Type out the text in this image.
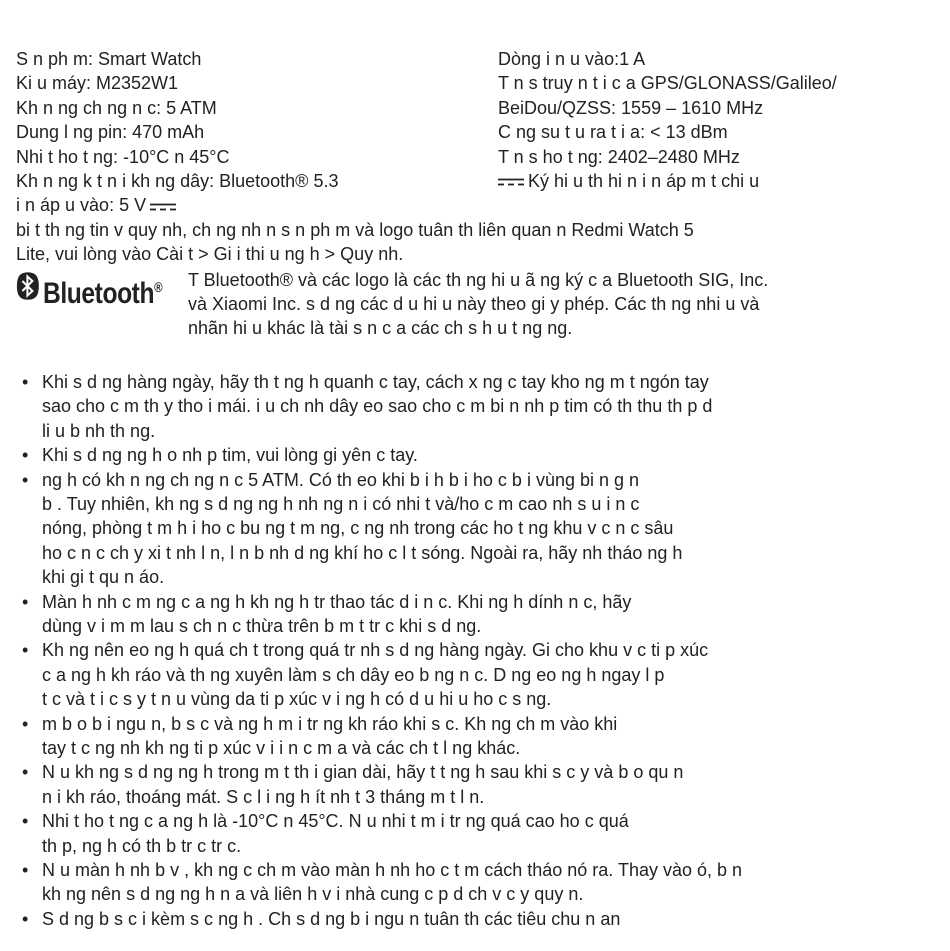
S n ph m: Smart Watch
Ki u máy: M2352W1
Kh n ng ch ng n c: 5 ATM
Dung l ng pin: 470 mAh
Nhi t ho t ng: -10°C n 45°C
Kh n ng k t n i kh ng dây: Bluetooth® 5.3
i n áp u vào: 5 V
Dòng i n u vào:1 A
T n s truy n t i c a GPS/GLONASS/Galileo/
BeiDou/QZSS: 1559 – 1610 MHz
C ng su t u ra t i a: < 13 dBm
T n s ho t ng: 2402–2480 MHz
Ký hi u th hi n i n áp m t chi u
bi t th ng tin v quy nh, ch ng nh n s n ph m và logo tuân th liên quan n Redmi Watch 5
Lite, vui lòng vào Cài t > Gi i thi u ng h > Quy nh.
Bluetooth® T Bluetooth® và các logo là các th ng hi u ã ng ký c a Bluetooth SIG, Inc.
và Xiaomi Inc. s d ng các d u hi u này theo gi y phép. Các th ng nhi u và
nhãn hi u khác là tài s n c a các ch s h u t ng ng.
• Khi s d ng hàng ngày, hãy th t ng h quanh c tay, cách x ng c tay kho ng m t ngón tay
sao cho c m th y tho i mái. i u ch nh dây eo sao cho c m bi n nh p tim có th thu th p d
li u b nh th ng.
• Khi s d ng ng h o nh p tim, vui lòng gi yên c tay.
• ng h có kh n ng ch ng n c 5 ATM. Có th eo khi b i h b i ho c b i vùng bi n g n
b . Tuy nhiên, kh ng s d ng ng h nh ng n i có nhi t và/ho c m cao nh s u i n c
nóng, phòng t m h i ho c bu ng t m ng, c ng nh trong các ho t ng khu v c n c sâu
ho c n c ch y xi t nh l n, l n b nh d ng khí ho c l t sóng. Ngoài ra, hãy nh tháo ng h
khi gi t qu n áo.
• Màn h nh c m ng c a ng h kh ng h tr thao tác d i n c. Khi ng h dính n c, hãy
dùng v i m m lau s ch n c thừa trên b m t tr c khi s d ng.
• Kh ng nên eo ng h quá ch t trong quá tr nh s d ng hàng ngày. Gi cho khu v c ti p xúc
c a ng h kh ráo và th ng xuyên làm s ch dây eo b ng n c. D ng eo ng h ngay l p
t c và t i c s y t n u vùng da ti p xúc v i ng h có d u hi u ho c s ng.
• m b o b i ngu n, b s c và ng h m i tr ng kh ráo khi s c. Kh ng ch m vào khi
tay t c ng nh kh ng ti p xúc v i i n c m a và các ch t l ng khác.
• N u kh ng s d ng ng h trong m t th i gian dài, hãy t t ng h sau khi s c y và b o qu n
n i kh ráo, thoáng mát. S c l i ng h ít nh t 3 tháng m t l n.
• Nhi t ho t ng c a ng h là -10°C n 45°C. N u nhi t m i tr ng quá cao ho c quá
th p, ng h có th b tr c tr c.
• N u màn h nh b v , kh ng c ch m vào màn h nh ho c t m cách tháo nó ra. Thay vào ó, b n
kh ng nên s d ng ng h n a và liên h v i nhà cung c p d ch v c y quy n.
• S d ng b s c i kèm s c ng h . Ch s d ng b i ngu n tuân th các tiêu chu n an
